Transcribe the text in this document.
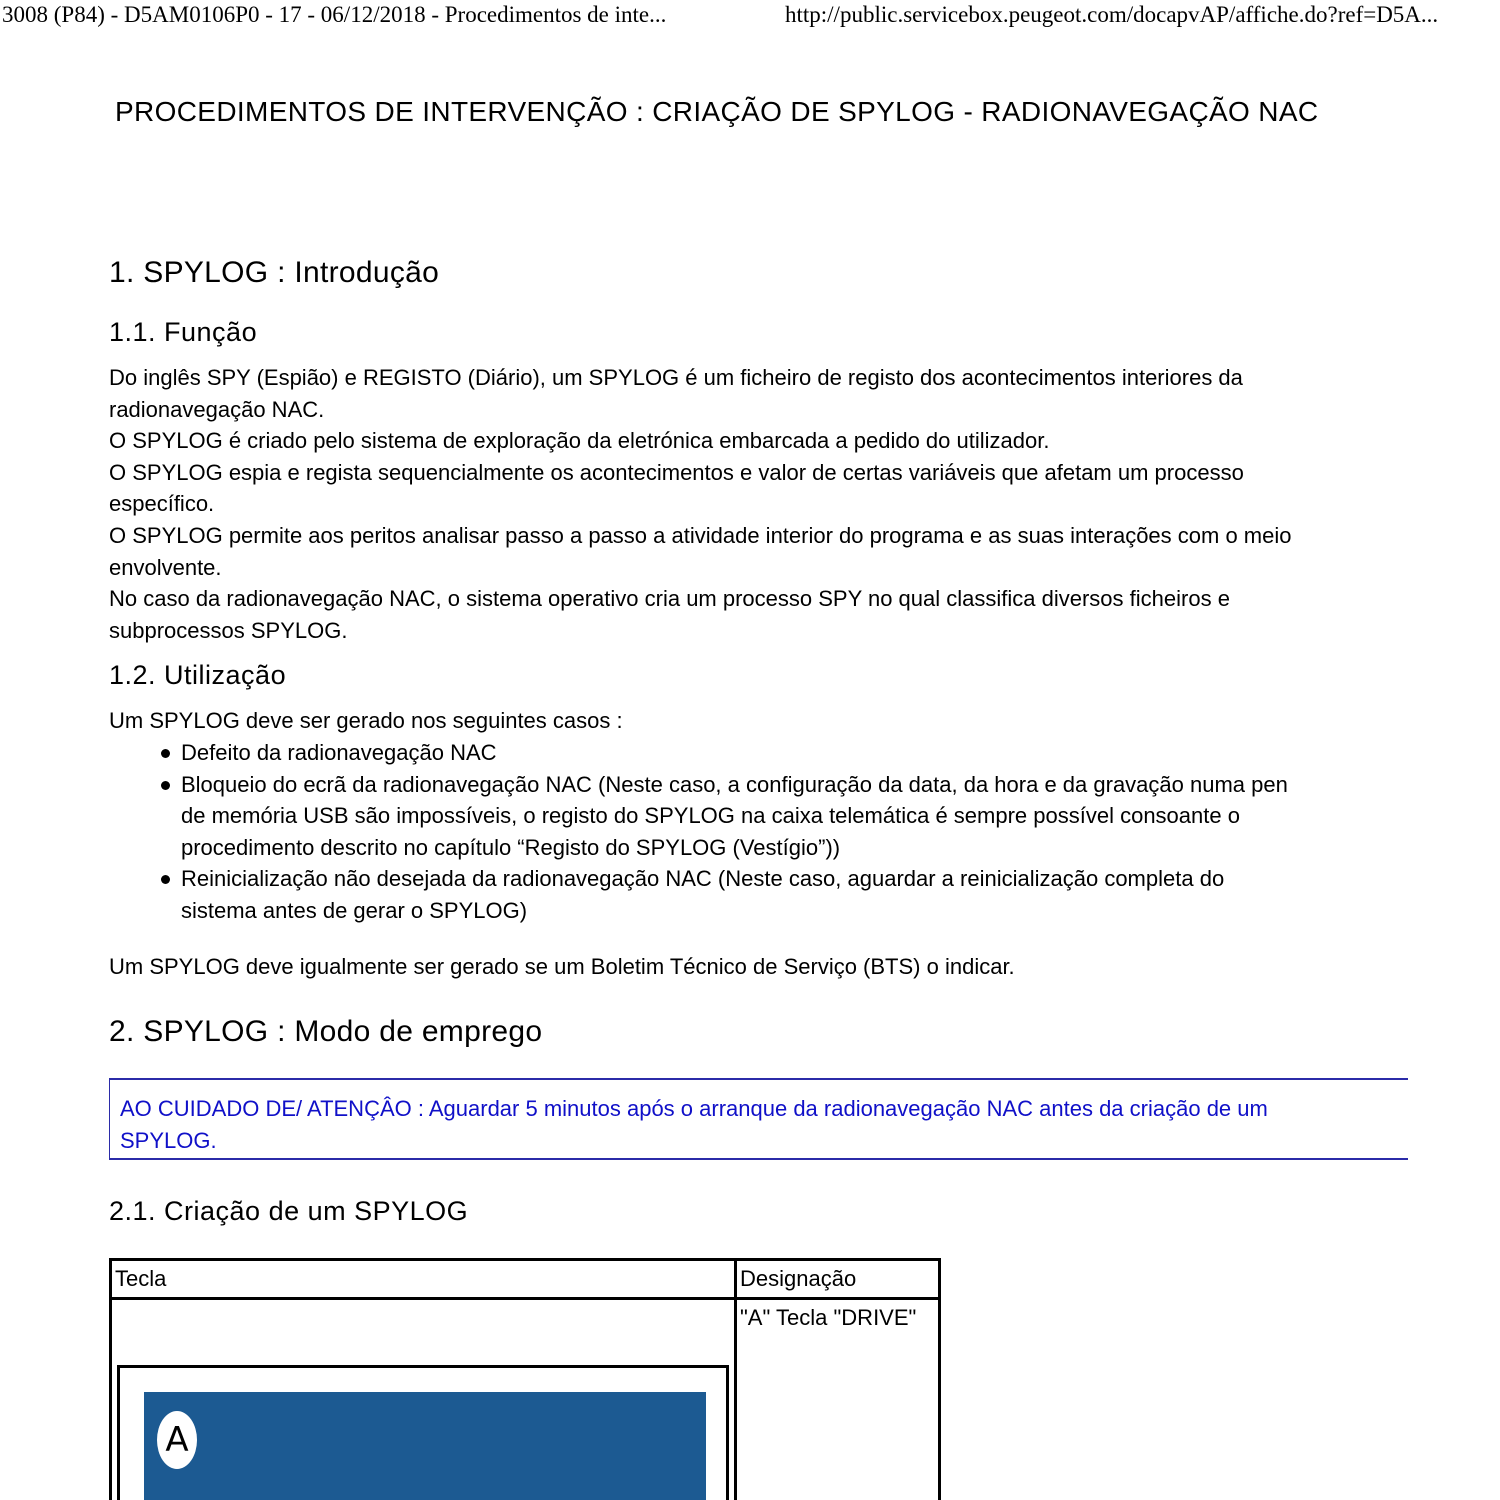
3008 (P84) - D5AM0106P0 - 17 - 06/12/2018 - Procedimentos de inte...	http://public.servicebox.peugeot.com/docapvAP/affiche.do?ref=D5A...
PROCEDIMENTOS DE INTERVENÇÃO : CRIAÇÃO DE SPYLOG - RADIONAVEGAÇÃO NAC
1. SPYLOG : Introdução
1.1. Função
Do inglês SPY (Espião) e REGISTO (Diário), um SPYLOG é um ficheiro de registo dos acontecimentos interiores da
radionavegação NAC.
O SPYLOG é criado pelo sistema de exploração da eletrónica embarcada a pedido do utilizador.
O SPYLOG espia e regista sequencialmente os acontecimentos e valor de certas variáveis que afetam um processo
específico.
O SPYLOG permite aos peritos analisar passo a passo a atividade interior do programa e as suas interações com o meio
envolvente.
No caso da radionavegação NAC, o sistema operativo cria um processo SPY no qual classifica diversos ficheiros e
subprocessos SPYLOG.
1.2. Utilização
Um SPYLOG deve ser gerado nos seguintes casos :
Defeito da radionavegação NAC
Bloqueio do ecrã da radionavegação NAC (Neste caso, a configuração da data, da hora e da gravação numa pen
de memória USB são impossíveis, o registo do SPYLOG na caixa telemática é sempre possível consoante o
procedimento descrito no capítulo “Registo do SPYLOG (Vestígio”))
Reinicialização não desejada da radionavegação NAC (Neste caso, aguardar a reinicialização completa do
sistema antes de gerar o SPYLOG)
Um SPYLOG deve igualmente ser gerado se um Boletim Técnico de Serviço (BTS) o indicar.
2. SPYLOG : Modo de emprego
AO CUIDADO DE/ ATENÇÂO : Aguardar 5 minutos após o arranque da radionavegação NAC antes da criação de um
SPYLOG.
2.1. Criação de um SPYLOG
Tecla	Designação

A	"A" Tecla "DRIVE"
